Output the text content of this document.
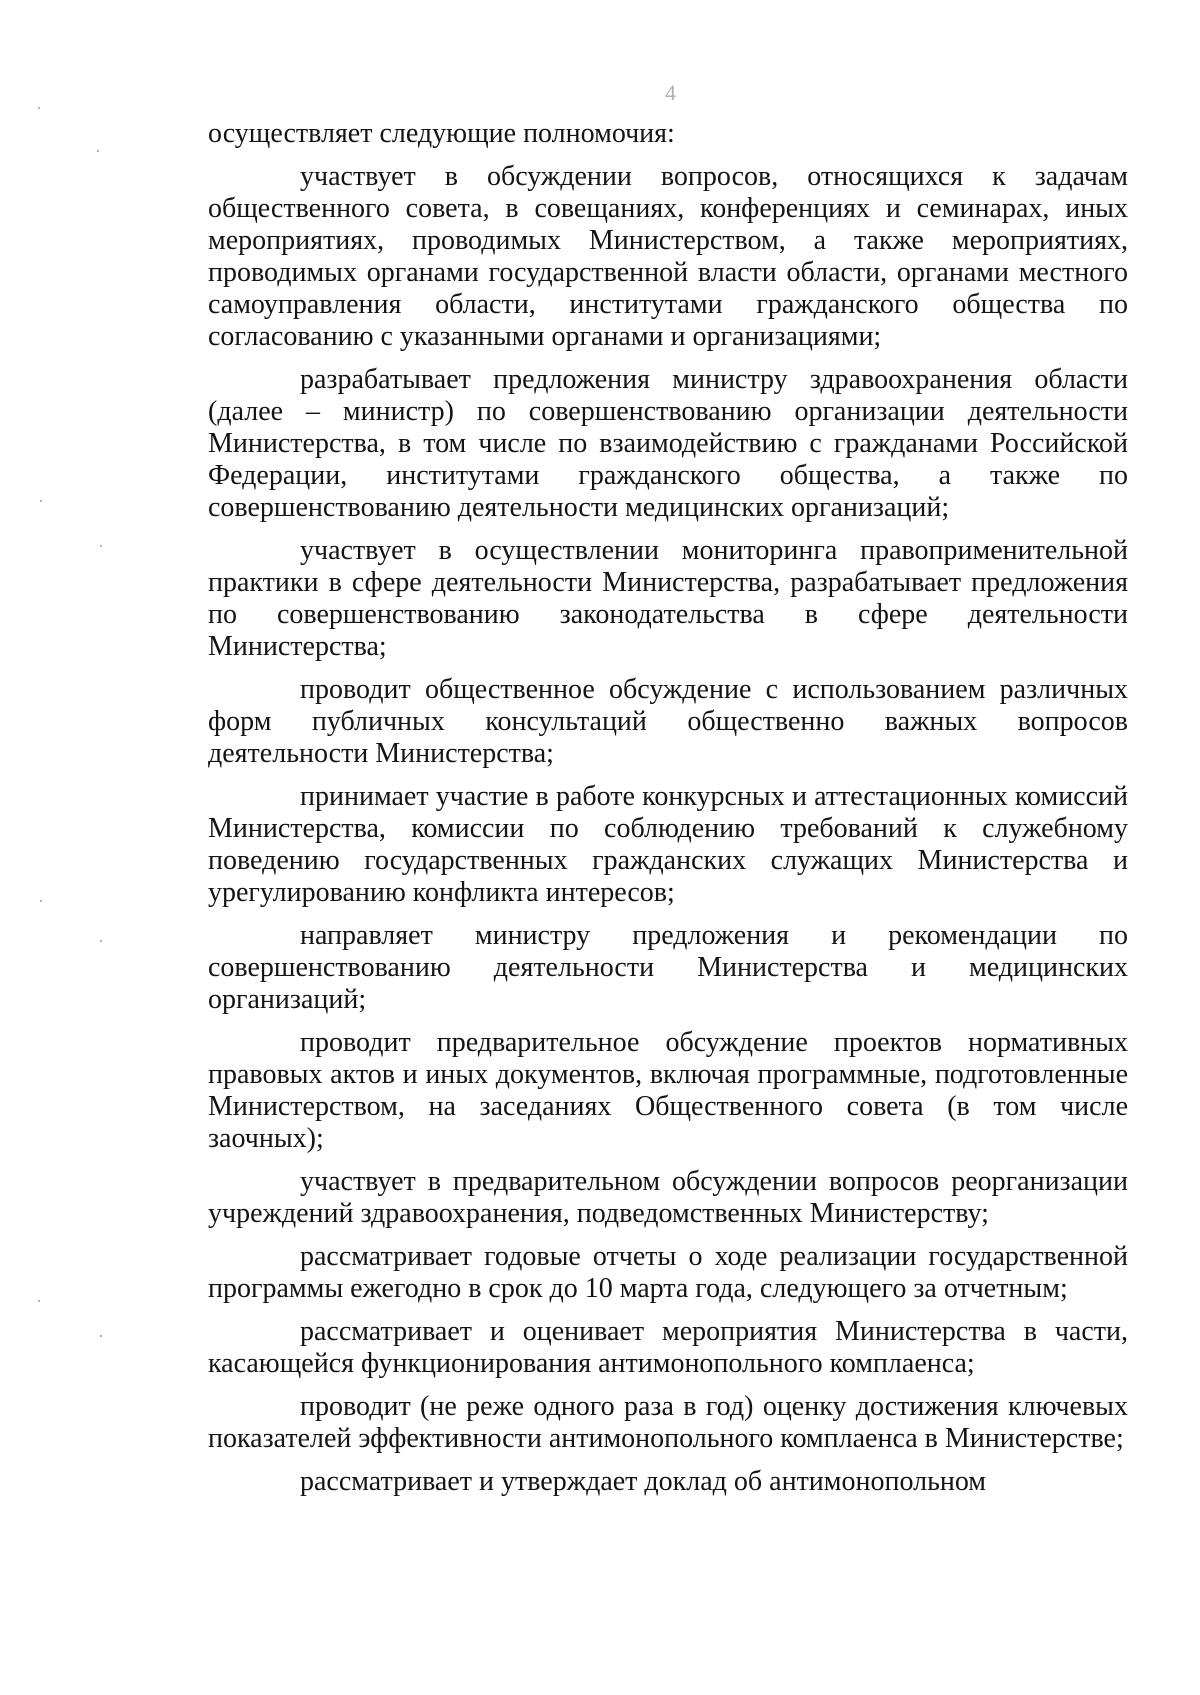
4

осуществляет следующие полномочия:

участвует в обсуждении вопросов, относящихся к задачам общественного совета, в совещаниях, конференциях и семинарах, иных мероприятиях, проводимых Министерством, а также мероприятиях, проводимых органами государственной власти области, органами местного самоуправления области, институтами гражданского общества по согласованию с указанными органами и организациями;

разрабатывает предложения министру здравоохранения области (далее – министр) по совершенствованию организации деятельности Министерства, в том числе по взаимодействию с гражданами Российской Федерации, институтами гражданского общества, а также по совершенствованию деятельности медицинских организаций;

участвует в осуществлении мониторинга правоприменительной практики в сфере деятельности Министерства, разрабатывает предложения по совершенствованию законодательства в сфере деятельности Министерства;

проводит общественное обсуждение с использованием различных форм публичных консультаций общественно важных вопросов деятельности Министерства;

принимает участие в работе конкурсных и аттестационных комиссий Министерства, комиссии по соблюдению требований к служебному поведению государственных гражданских служащих Министерства и урегулированию конфликта интересов;

направляет министру предложения и рекомендации по совершенствованию деятельности Министерства и медицинских организаций;

проводит предварительное обсуждение проектов нормативных правовых актов и иных документов, включая программные, подготовленные Министерством, на заседаниях Общественного совета (в том числе заочных);

участвует в предварительном обсуждении вопросов реорганизации учреждений здравоохранения, подведомственных Министерству;

рассматривает годовые отчеты о ходе реализации государственной программы ежегодно в срок до 10 марта года, следующего за отчетным;

рассматривает и оценивает мероприятия Министерства в части, касающейся функционирования антимонопольного комплаенса;

проводит (не реже одного раза в год) оценку достижения ключевых показателей эффективности антимонопольного комплаенса в Министерстве;

рассматривает и утверждает доклад об антимонопольном
